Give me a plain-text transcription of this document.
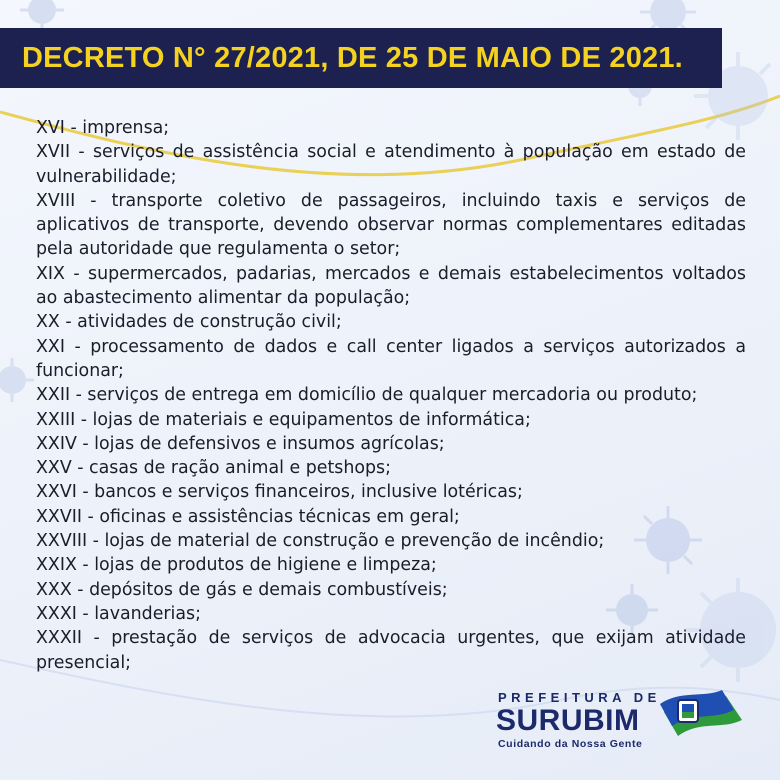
DECRETO N° 27/2021, DE 25 DE MAIO DE 2021.

XVI - imprensa;

XVII - serviços de assistência social e atendimento à população em estado de vulnerabilidade;

XVIII - transporte coletivo de passageiros, incluindo taxis e serviços de aplicativos de transporte, devendo observar normas complementares editadas pela autoridade que regulamenta o setor;

XIX - supermercados, padarias, mercados e demais estabelecimentos voltados ao abastecimento alimentar da população;

XX - atividades de construção civil;

XXI - processamento de dados e call center ligados a serviços autorizados a funcionar;

XXII - serviços de entrega em domicílio de qualquer mercadoria ou produto;

XXIII - lojas de materiais e equipamentos de informática;

XXIV - lojas de defensivos e insumos agrícolas;

XXV - casas de ração animal e petshops;

XXVI - bancos e serviços financeiros, inclusive lotéricas;

XXVII - oficinas e assistências técnicas em geral;

XXVIII - lojas de material de construção e prevenção de incêndio;

XXIX - lojas de produtos de higiene e limpeza;

XXX - depósitos de gás e demais combustíveis;

XXXI - lavanderias;

XXXII - prestação de serviços de advocacia urgentes, que exijam atividade presencial;

PREFEITURA DE
SURUBIM
Cuidando da Nossa Gente
